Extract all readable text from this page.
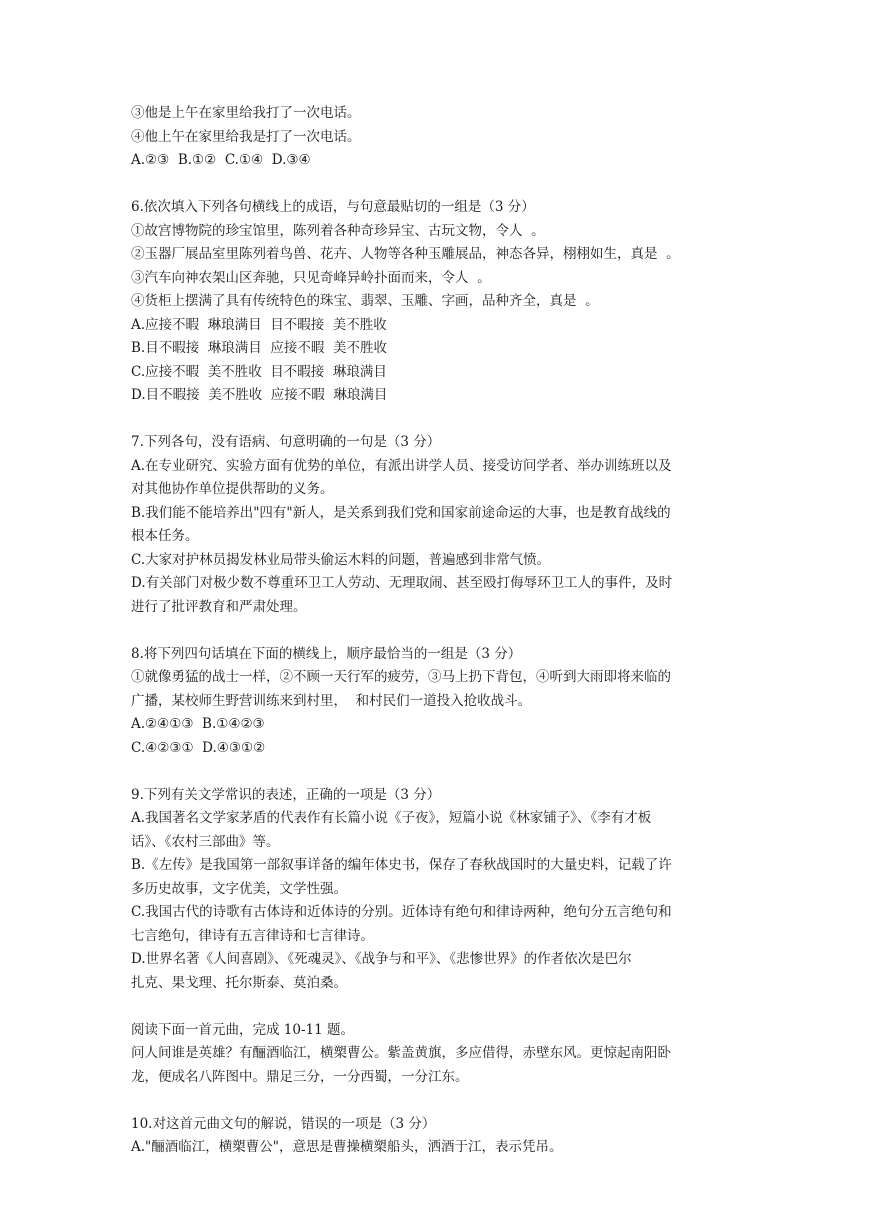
③他是上午在家里给我打了一次电话。
④他上午在家里给我是打了一次电话。
A.②③  B.①②  C.①④  D.③④
6.依次填入下列各句横线上的成语，与句意最贴切的一组是（3 分）
①故宫博物院的珍宝馆里，陈列着各种奇珍异宝、古玩文物，令人  。
②玉器厂展品室里陈列着鸟兽、花卉、人物等各种玉雕展品，神态各异，栩栩如生，真是  。
③汽车向神农架山区奔驰，只见奇峰异岭扑面而来，令人  。
④货柜上摆满了具有传统特色的珠宝、翡翠、玉雕、字画，品种齐全，真是  。
A.应接不暇  琳琅满目  目不暇接  美不胜收
B.目不暇接  琳琅满目  应接不暇  美不胜收
C.应接不暇  美不胜收  目不暇接  琳琅满目
D.目不暇接  美不胜收  应接不暇  琳琅满目
7.下列各句，没有语病、句意明确的一句是（3 分）
A.在专业研究、实验方面有优势的单位，有派出讲学人员、接受访问学者、举办训练班以及
对其他协作单位提供帮助的义务。
B.我们能不能培养出"四有"新人，是关系到我们党和国家前途命运的大事，也是教育战线的
根本任务。
C.大家对护林员揭发林业局带头偷运木料的问题，普遍感到非常气愤。
D.有关部门对极少数不尊重环卫工人劳动、无理取闹、甚至殴打侮辱环卫工人的事件，及时
进行了批评教育和严肃处理。
8.将下列四句话填在下面的横线上，顺序最恰当的一组是（3 分）
①就像勇猛的战士一样，②不顾一天行军的疲劳，③马上扔下背包，④听到大雨即将来临的
广播，某校师生野营训练来到村里，  和村民们一道投入抢收战斗。
A.②④①③  B.①④②③
C.④②③①  D.④③①②
9.下列有关文学常识的表述，正确的一项是（3 分）
A.我国著名文学家茅盾的代表作有长篇小说《子夜》，短篇小说《林家铺子》、《李有才板
话》、《农村三部曲》等。
B.《左传》是我国第一部叙事详备的编年体史书，保存了春秋战国时的大量史料，记载了许
多历史故事，文字优美，文学性强。
C.我国古代的诗歌有古体诗和近体诗的分别。近体诗有绝句和律诗两种，绝句分五言绝句和
七言绝句，律诗有五言律诗和七言律诗。
D.世界名著《人间喜剧》、《死魂灵》、《战争与和平》、《悲惨世界》的作者依次是巴尔
扎克、果戈理、托尔斯泰、莫泊桑。
阅读下面一首元曲，完成 10-11 题。
问人间谁是英雄？有酾酒临江，横槊曹公。紫盖黄旗，多应借得，赤壁东风。更惊起南阳卧
龙，便成名八阵图中。鼎足三分，一分西蜀，一分江东。
10.对这首元曲文句的解说，错误的一项是（3 分）
A."酾酒临江，横槊曹公"，意思是曹操横槊船头，洒酒于江，表示凭吊。
